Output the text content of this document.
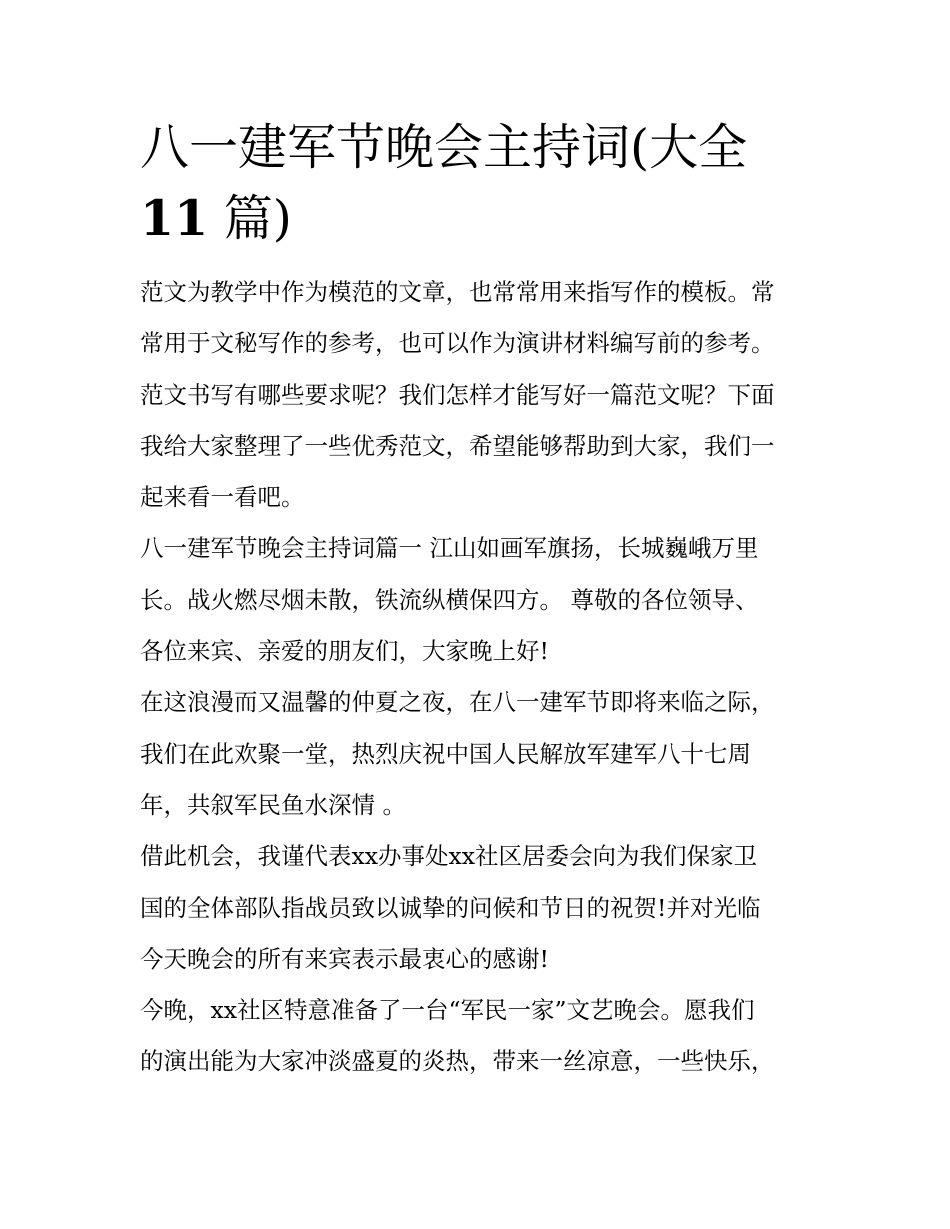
八一建军节晚会主持词(大全
11 篇)

范文为教学中作为模范的文章，也常常用来指写作的模板。常
常用于文秘写作的参考，也可以作为演讲材料编写前的参考。
范文书写有哪些要求呢？我们怎样才能写好一篇范文呢？下面
我给大家整理了一些优秀范文，希望能够帮助到大家，我们一
起来看一看吧。

八一建军节晚会主持词篇一 江山如画军旗扬，长城巍峨万里
长。战火燃尽烟未散，铁流纵横保四方。 尊敬的各位领导、
各位来宾、亲爱的朋友们，大家晚上好!

在这浪漫而又温馨的仲夏之夜，在八一建军节即将来临之际，
我们在此欢聚一堂，热烈庆祝中国人民解放军建军八十七周
年，共叙军民鱼水深情 。

借此机会，我谨代表xx办事处xx社区居委会向为我们保家卫
国的全体部队指战员致以诚挚的问候和节日的祝贺!并对光临
今天晚会的所有来宾表示最衷心的感谢!

今晚，xx社区特意准备了一台“军民一家”文艺晚会。愿我们
的演出能为大家冲淡盛夏的炎热，带来一丝凉意，一些快乐，
